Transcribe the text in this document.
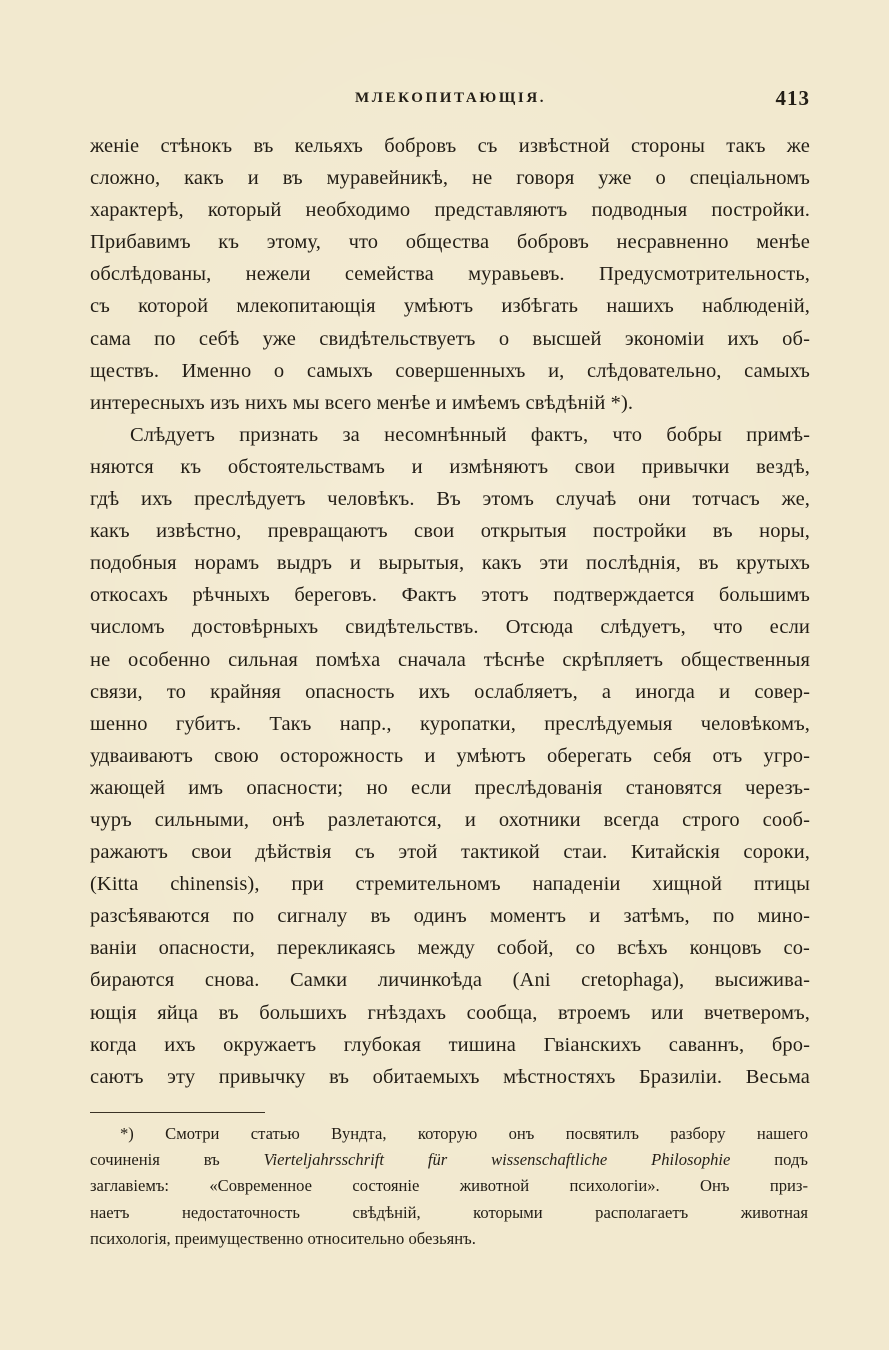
МЛЕКОПИТАЮЩIЯ.	413
женiе стѣнокъ въ кельяхъ бобровъ съ извѣстной стороны такъ же
сложно, какъ и въ муравейникѣ, не говоря уже о спецiальномъ
характерѣ, который необходимо представляютъ подводныя постройки.
Прибавимъ къ этому, что общества бобровъ несравненно менѣе
обслѣдованы, нежели семейства муравьевъ. Предусмотрительность,
съ которой млекопитающiя умѣютъ избѣгать нашихъ наблюденiй,
сама по себѣ уже свидѣтельствуетъ о высшей экономiи ихъ об-
ществъ. Именно о самыхъ совершенныхъ и, слѣдовательно, самыхъ
интересныхъ изъ нихъ мы всего менѣе и имѣемъ свѣдѣнiй *).
Слѣдуетъ признать за несомнѣнный фактъ, что бобры примѣ-
няются къ обстоятельствамъ и измѣняютъ свои привычки вездѣ,
гдѣ ихъ преслѣдуетъ человѣкъ. Въ этомъ случаѣ они тотчасъ же,
какъ извѣстно, превращаютъ свои открытыя постройки въ норы,
подобныя норамъ выдръ и вырытыя, какъ эти послѣднiя, въ крутыхъ
откосахъ рѣчныхъ береговъ. Фактъ этотъ подтверждается большимъ
числомъ достовѣрныхъ свидѣтельствъ. Отсюда слѣдуетъ, что если
не особенно сильная помѣха сначала тѣснѣе скрѣпляетъ общественныя
связи, то крайняя опасность ихъ ослабляетъ, а иногда и совер-
шенно губитъ. Такъ напр., куропатки, преслѣдуемыя человѣкомъ,
удваиваютъ свою осторожность и умѣютъ оберегать себя отъ угро-
жающей имъ опасности; но если преслѣдованiя становятся черезъ-
чуръ сильными, онѣ разлетаются, и охотники всегда строго сооб-
ражаютъ свои дѣйствiя съ этой тактикой стаи. Китайскiя сороки,
(Kitta chinensis), при стремительномъ нападенiи хищной птицы
разсѣяваются по сигналу въ одинъ моментъ и затѣмъ, по мино-
ванiи опасности, перекликаясь между собой, со всѣхъ концовъ со-
бираются снова. Самки личинкоѣда (Ani cretophaga), высиживa-
ющiя яйца въ большихъ гнѣздахъ сообща, втроемъ или вчетверомъ,
когда ихъ окружаетъ глубокая тишина Гвiанскихъ саваннъ, бро-
саютъ эту привычку въ обитаемыхъ мѣстностяхъ Бразилiи. Весьма
*) Смотри статью Вундта, которую онъ посвятилъ разбору нашего
сочиненiя въ Vierteljahrsschrift für wissenschaftliche Philosophie подъ
заглавiемъ: «Современное состоянiе животной психологiи». Онъ приз-
наетъ недостаточность свѣдѣнiй, которыми располагаетъ животная
психологiя, преимущественно относительно обезьянъ.
